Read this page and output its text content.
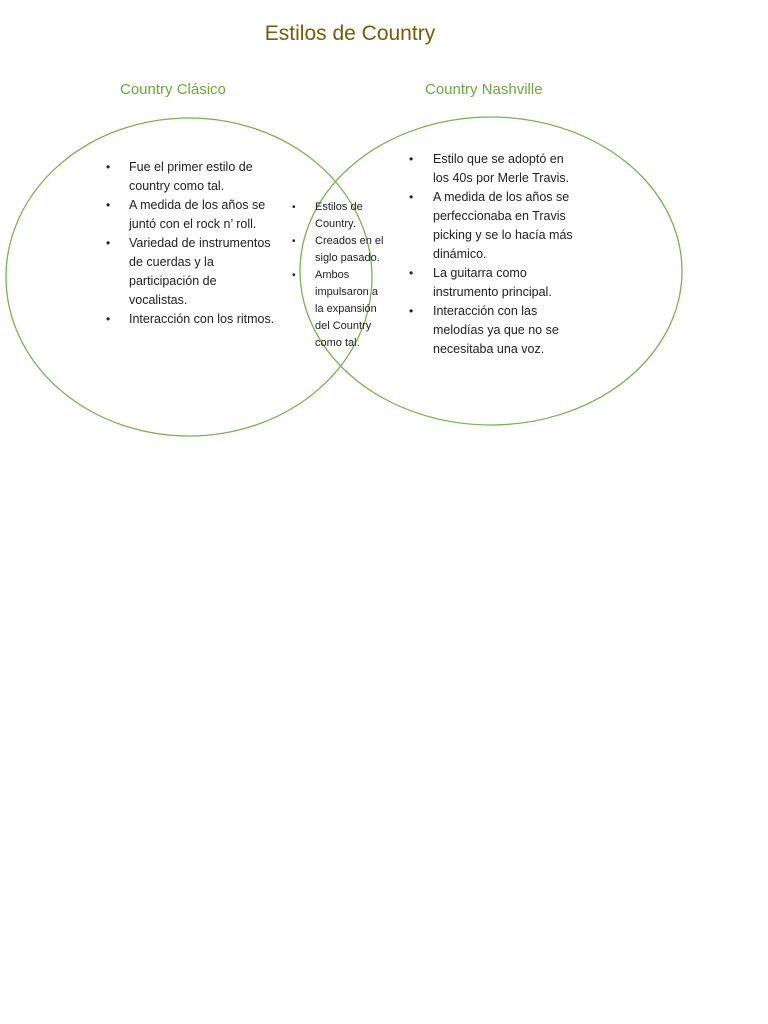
Estilos de Country
Country Clásico	Country Nashville
• Fue el primer estilo de country como tal.
• A medida de los años se juntó con el rock n’ roll.
• Variedad de instrumentos de cuerdas y la participación de vocalistas.
• Interacción con los ritmos.
• Estilos de Country.
• Creados en el siglo pasado.
• Ambos impulsaron a la expansión del Country como tal.
• Estilo que se adoptó en los 40s por Merle Travis.
• A medida de los años se perfeccionaba en Travis picking y se lo hacía más dinámico.
• La guitarra como instrumento principal.
• Interacción con las melodías ya que no se necesitaba una voz.
